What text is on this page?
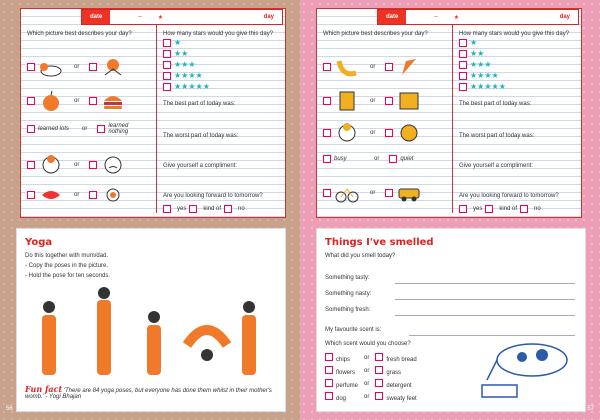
date	–	★	day
Which picture best describes your day?	How many stars would you give this day?
or
or
learned lots	or	learned nothing
or
or
★
★★
★★★
★★★★
★★★★★
The best part of today was:
The worst part of today was:
Give yourself a compliment:
Are you looking forward to tomorrow?
yes	kind of	no
Yoga
Do this together with mum/dad.
- Copy the poses in the picture.
- Hold the pose for ten seconds.
Fun fact 'There are 84 yoga poses, but everyone has done them whilst in their mother's womb.' - Yogi Bhajan
56
date	–	★	day
Which picture best describes your day?	How many stars would you give this day?
or
or
or
busy	or	quiet
or
★
★★
★★★
★★★★
★★★★★
The best part of today was:
The worst part of today was:
Give yourself a compliment:
Are you looking forward to tomorrow?
yes	kind of	no
Things I've smelled
What did you smell today?
Something tasty:
Something nasty:
Something fresh:
My favourite scent is:
Which scent would you choose?
chips	or	fresh bread
flowers	or	grass
perfume or	detergent
dog	or	sweaty feet
57
